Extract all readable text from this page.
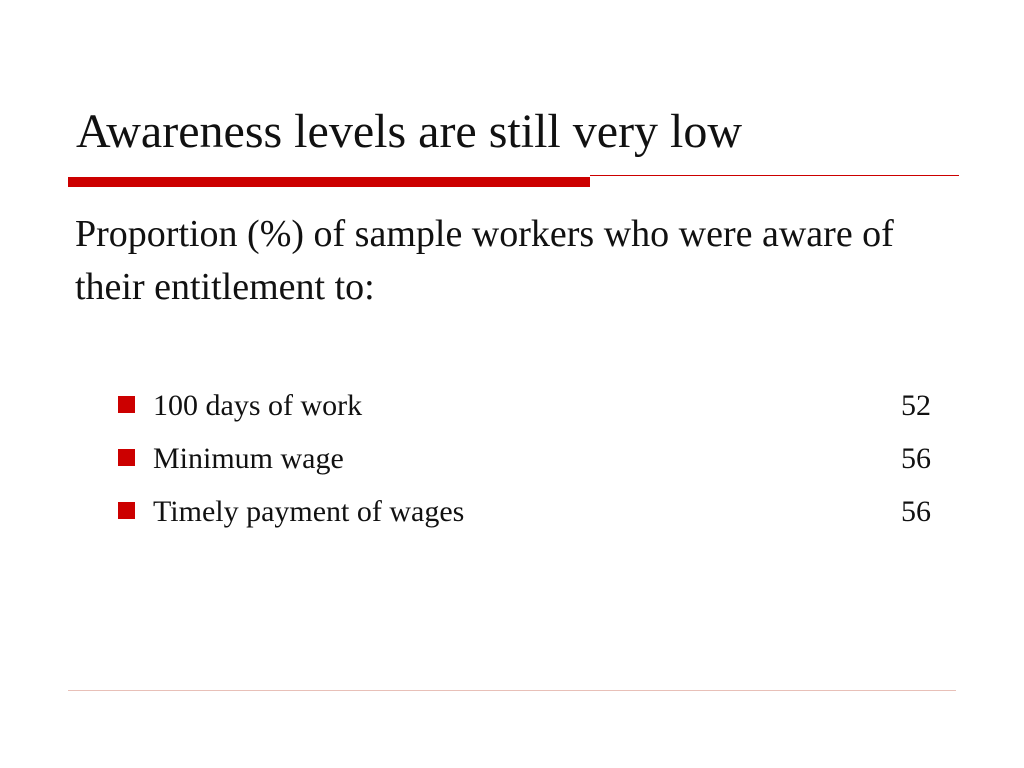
Awareness levels are still very low

Proportion (%) of sample workers who were aware of their entitlement to:

100 days of work	52
Minimum wage	56
Timely payment of wages	56
